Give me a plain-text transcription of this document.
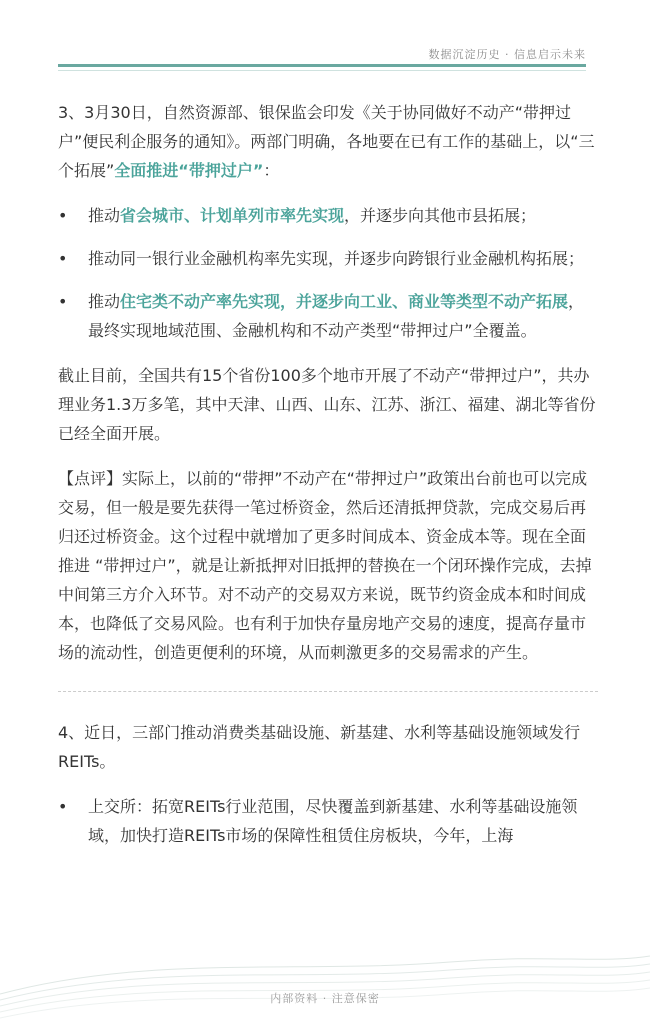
数据沉淀历史 · 信息启示未来

3、3月30日，自然资源部、银保监会印发《关于协同做好不动产“带押过户”便民利企服务的通知》。两部门明确，各地要在已有工作的基础上，以“三个拓展”全面推进“带押过户”：

• 推动省会城市、计划单列市率先实现，并逐步向其他市县拓展；
• 推动同一银行业金融机构率先实现，并逐步向跨银行业金融机构拓展；
• 推动住宅类不动产率先实现，并逐步向工业、商业等类型不动产拓展，最终实现地域范围、金融机构和不动产类型“带押过户”全覆盖。

截止目前，全国共有15个省份100多个地市开展了不动产“带押过户”，共办理业务1.3万多笔，其中天津、山西、山东、江苏、浙江、福建、湖北等省份已经全面开展。

【点评】实际上，以前的“带押”不动产在“带押过户”政策出台前也可以完成交易，但一般是要先获得一笔过桥资金，然后还清抵押贷款，完成交易后再归还过桥资金。这个过程中就增加了更多时间成本、资金成本等。现在全面推进 “带押过户”，就是让新抵押对旧抵押的替换在一个闭环操作完成，去掉中间第三方介入环节。对不动产的交易双方来说，既节约资金成本和时间成本，也降低了交易风险。也有利于加快存量房地产交易的速度，提高存量市场的流动性，创造更便利的环境，从而刺激更多的交易需求的产生。

4、近日，三部门推动消费类基础设施、新基建、水利等基础设施领域发行REITs。

• 上交所：拓宽REITs行业范围，尽快覆盖到新基建、水利等基础设施领域，加快打造REITs市场的保障性租赁住房板块，今年，上海
内部资料 · 注意保密
